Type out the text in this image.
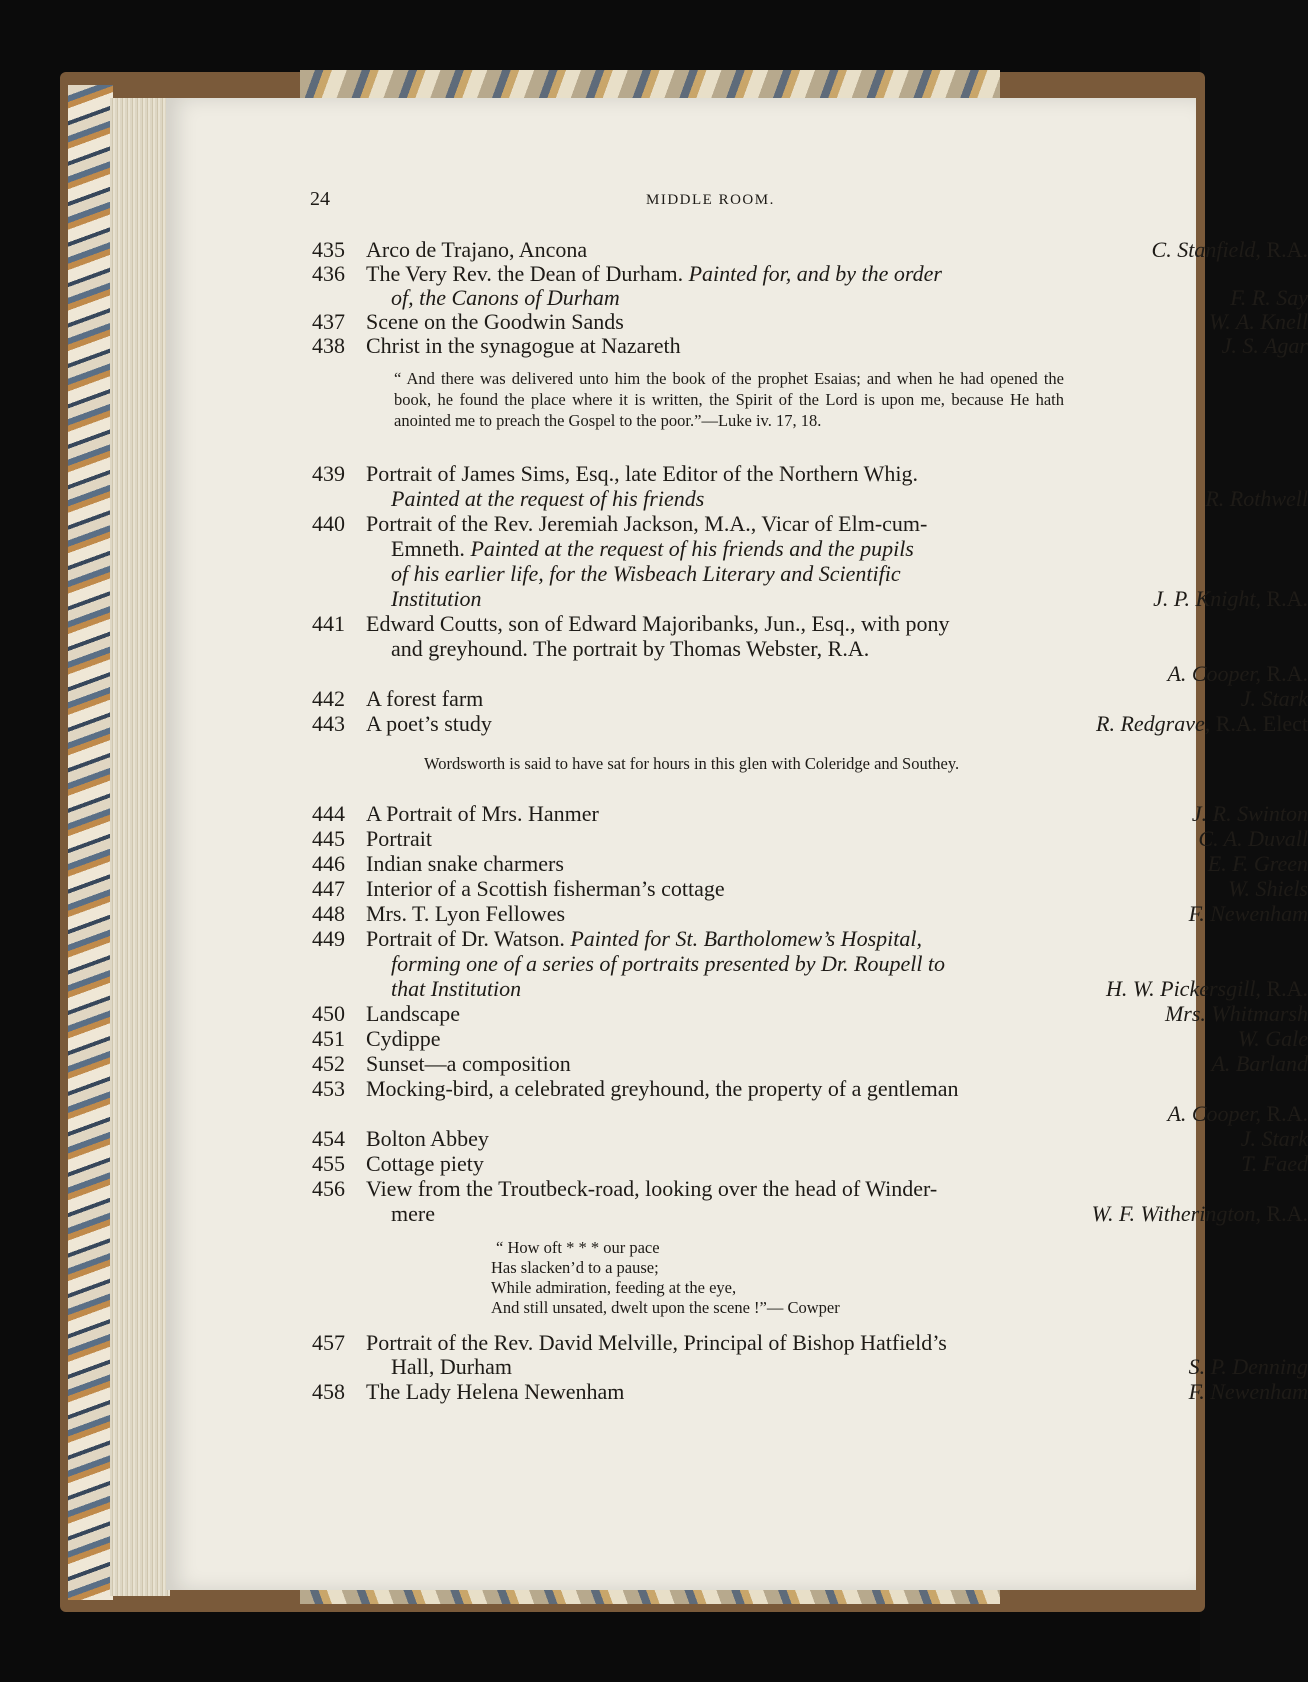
24	MIDDLE ROOM.
435 Arco de Trajano, Ancona	C. Stanfield, R.A.
436 The Very Rev. the Dean of Durham. Painted for, and by the order
of, the Canons of Durham	F. R. Say
437 Scene on the Goodwin Sands	W. A. Knell
438 Christ in the synagogue at Nazareth	J. S. Agar
“ And there was delivered unto him the book of the prophet Esaias; and when he had opened the book, he found the place where it is written, the Spirit of the Lord is upon me, because He hath anointed me to preach the Gospel to the poor.”—Luke iv. 17, 18.
439 Portrait of James Sims, Esq., late Editor of the Northern Whig.
Painted at the request of his friends	R. Rothwell
440 Portrait of the Rev. Jeremiah Jackson, M.A., Vicar of Elm-cum-
Emneth. Painted at the request of his friends and the pupils
of his earlier life, for the Wisbeach Literary and Scientific
Institution	J. P. Knight, R.A.
441 Edward Coutts, son of Edward Majoribanks, Jun., Esq., with pony
and greyhound. The portrait by Thomas Webster, R.A.
A. Cooper, R.A.
442 A forest farm	J. Stark
443 A poet’s study	R. Redgrave, R.A. Elect
Wordsworth is said to have sat for hours in this glen with Coleridge and Southey.
444 A Portrait of Mrs. Hanmer	J. R. Swinton
445 Portrait	C. A. Duvall
446 Indian snake charmers	E. F. Green
447 Interior of a Scottish fisherman’s cottage	W. Shiels
448 Mrs. T. Lyon Fellowes	F. Newenham
449 Portrait of Dr. Watson. Painted for St. Bartholomew’s Hospital,
forming one of a series of portraits presented by Dr. Roupell to
that Institution	H. W. Pickersgill, R.A.
450 Landscape	Mrs. Whitmarsh
451 Cydippe	W. Gale
452 Sunset—a composition	A. Barland
453 Mocking-bird, a celebrated greyhound, the property of a gentleman
A. Cooper, R.A.
454 Bolton Abbey	J. Stark
455 Cottage piety	T. Faed
456 View from the Troutbeck-road, looking over the head of Winder-
mere	W. F. Witherington, R.A.
“ How oft * * * our pace
Has slacken’d to a pause;
While admiration, feeding at the eye,
And still unsated, dwelt upon the scene !”— Cowper
457 Portrait of the Rev. David Melville, Principal of Bishop Hatfield’s
Hall, Durham	S. P. Denning
458 The Lady Helena Newenham	F. Newenham
